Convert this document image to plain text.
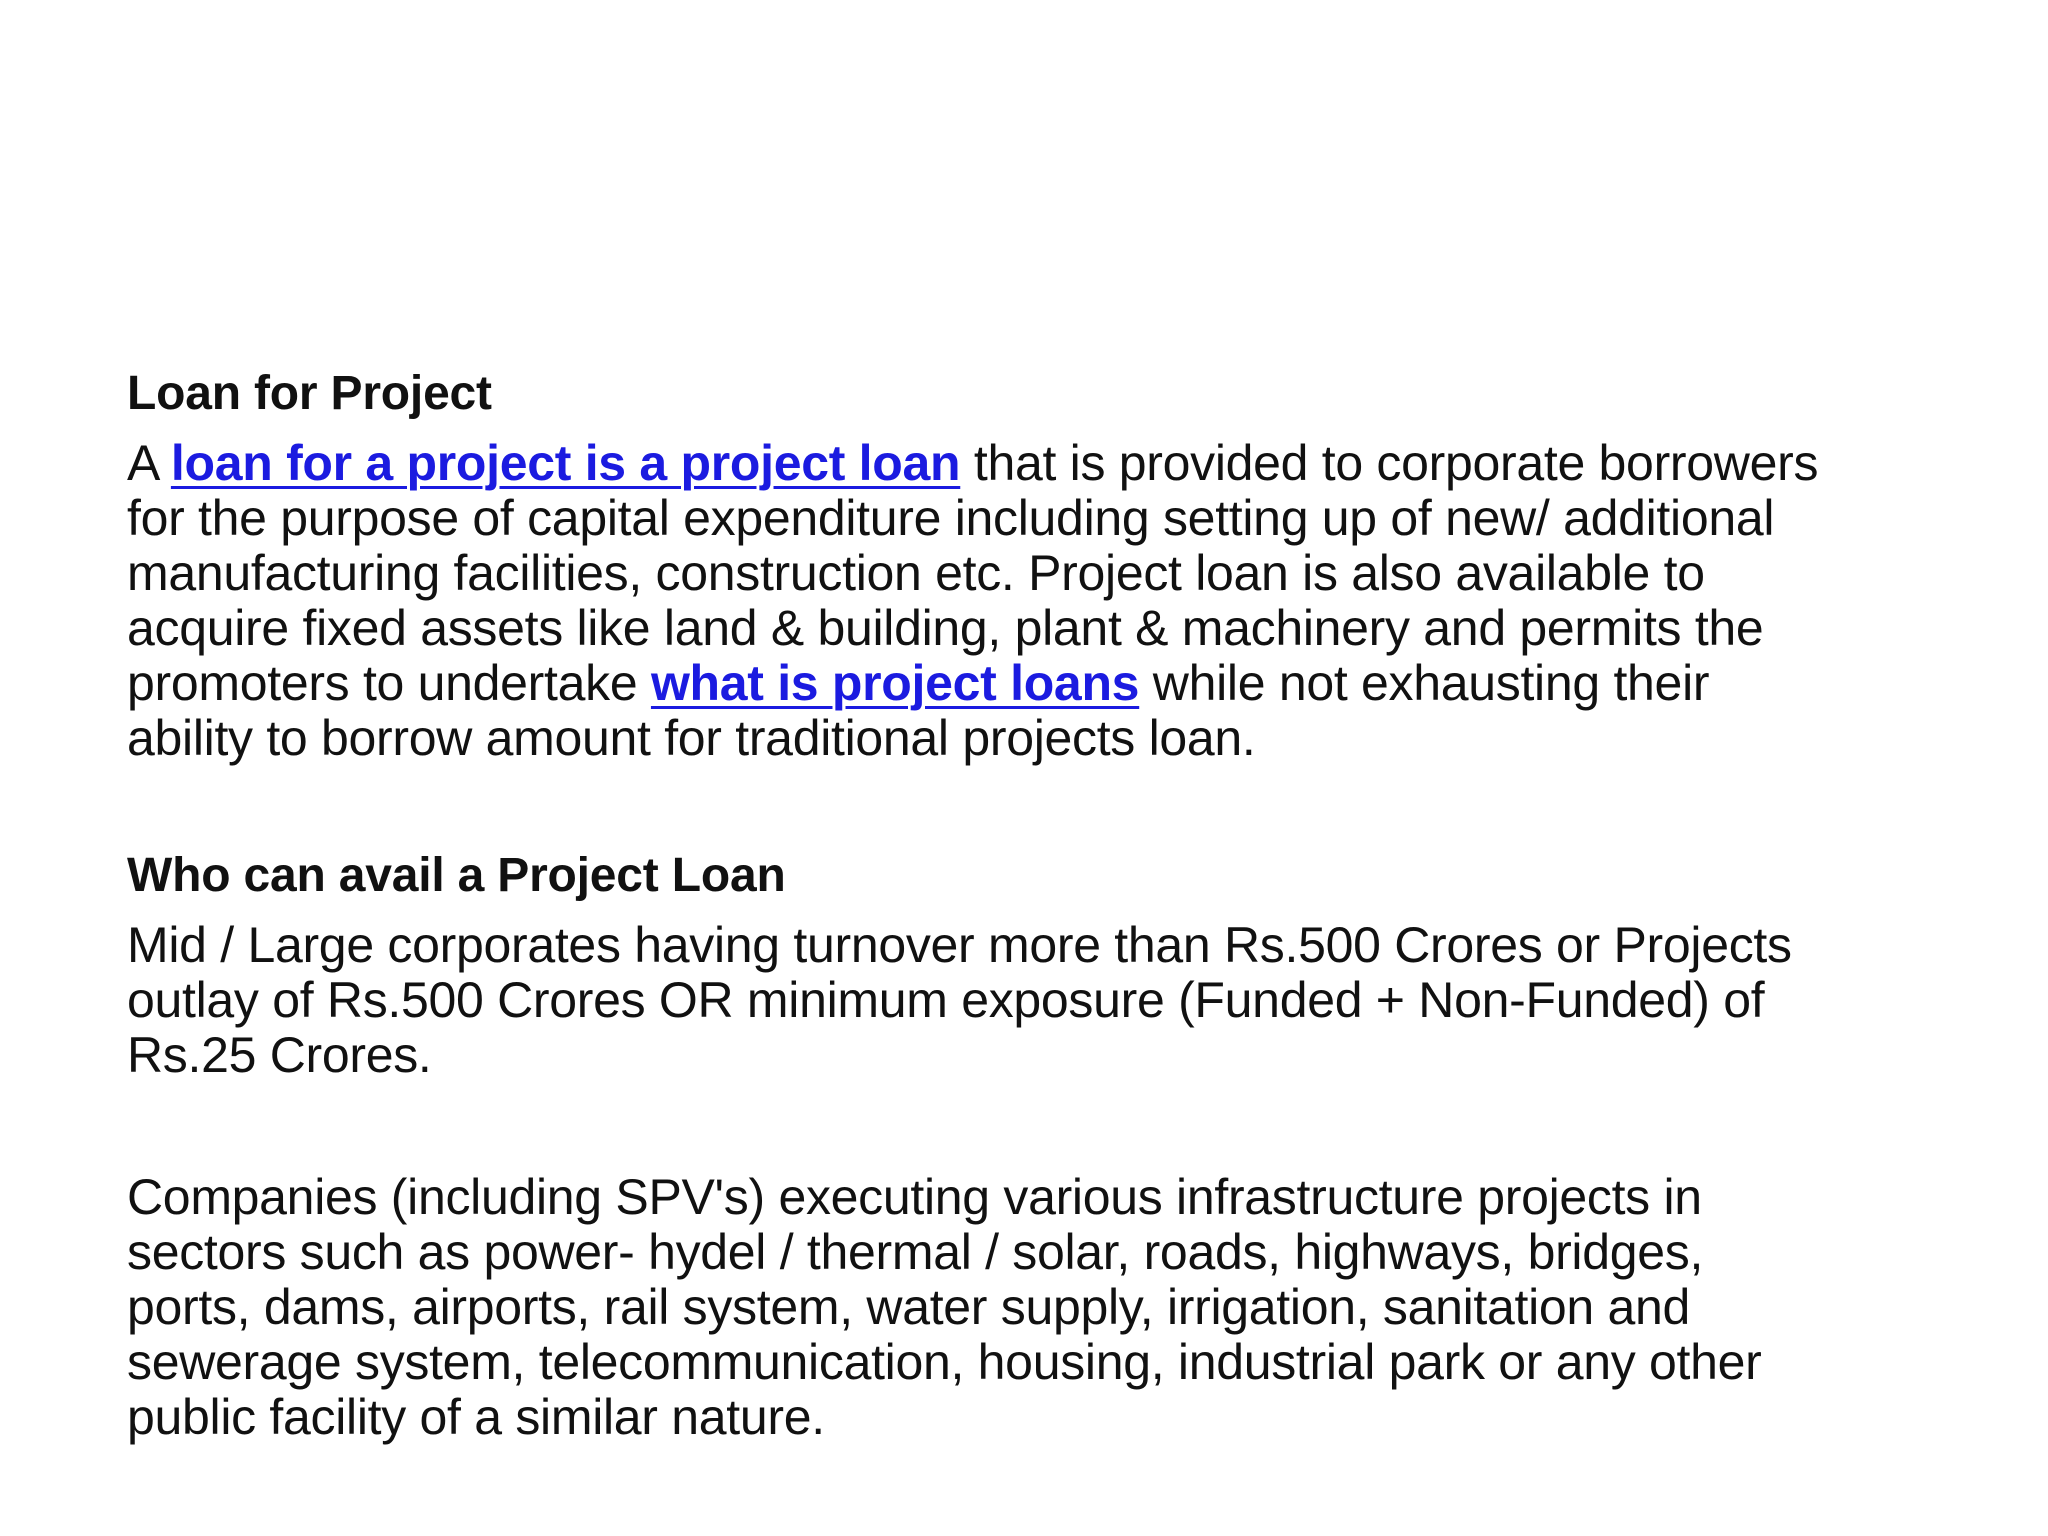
Loan for Project
A loan for a project is a project loan that is provided to corporate borrowers
for the purpose of capital expenditure including setting up of new/ additional
manufacturing facilities, construction etc. Project loan is also available to
acquire fixed assets like land & building, plant & machinery and permits the
promoters to undertake what is project loans while not exhausting their
ability to borrow amount for traditional projects loan.
Who can avail a Project Loan
Mid / Large corporates having turnover more than Rs.500 Crores or Projects
outlay of Rs.500 Crores OR minimum exposure (Funded + Non-Funded) of
Rs.25 Crores.
Companies (including SPV's) executing various infrastructure projects in
sectors such as power- hydel / thermal / solar, roads, highways, bridges,
ports, dams, airports, rail system, water supply, irrigation, sanitation and
sewerage system, telecommunication, housing, industrial park or any other
public facility of a similar nature.
